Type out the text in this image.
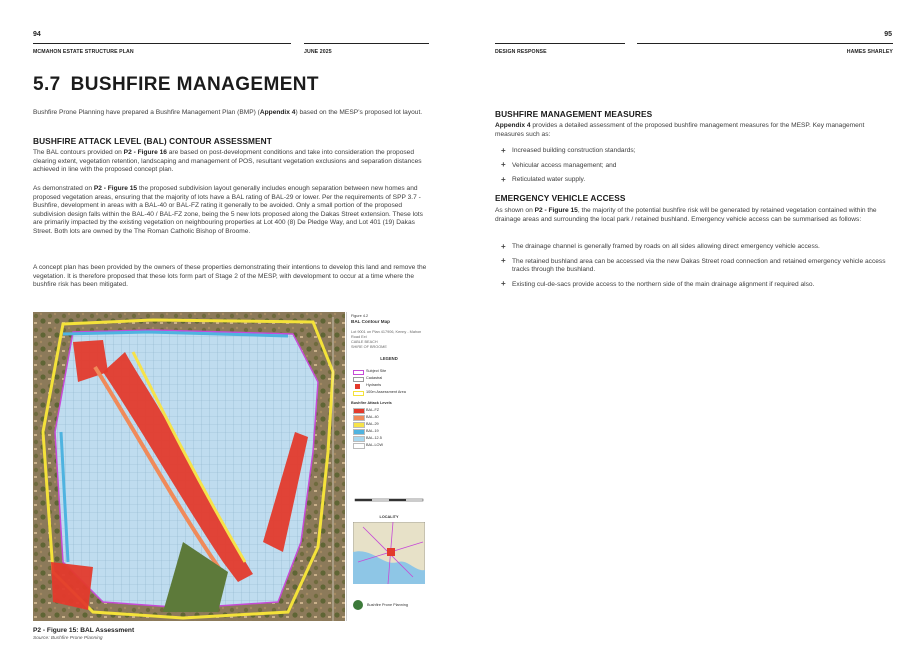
94
MCMAHON ESTATE STRUCTURE PLAN	JUNE 2025
5.7 BUSHFIRE MANAGEMENT
Bushfire Prone Planning have prepared a Bushfire Management Plan (BMP) (Appendix 4) based on the MESP’s proposed lot layout.
BUSHFIRE ATTACK LEVEL (BAL) CONTOUR ASSESSMENT
The BAL contours provided on P2 - Figure 16 are based on post-development conditions and take into consideration the proposed clearing extent, vegetation retention, landscaping and management of POS, resultant vegetation exclusions and separation distances achieved in line with the proposed concept plan.
As demonstrated on P2 - Figure 15 the proposed subdivision layout generally includes enough separation between new homes and proposed vegetation areas, ensuring that the majority of lots have a BAL rating of BAL-29 or lower. Per the requirements of SPP 3.7 - Bushfire, development in areas with a BAL-40 or BAL-FZ rating it generally to be avoided. Only a small portion of the proposed subdivision design falls within the BAL-40 / BAL-FZ zone, being the 5 new lots proposed along the Dakas Street extension. These lots are primarily impacted by the existing vegetation on neighbouring properties at Lot 400 (8) De Pledge Way, and Lot 401 (19) Dakas Street. Both lots are owned by the The Roman Catholic Bishop of Broome.
A concept plan has been provided by the owners of these properties demonstrating their intentions to develop this land and remove the vegetation. It is therefore proposed that these lots form part of Stage 2 of the MESP, with development to occur at a time where the bushfire risk has been mitigated.
Figure 4.2
BAL Contour Map
Lot 9001 on Plan 417906, Kenny - Mahon
Road Ext
CABLE BEACH
SHIRE OF BROOME
LEGEND
Subject Site
Cadastral
Hydrants
100m Assessment Area
Bushfire Attack Levels
BAL-FZ
BAL-40
BAL-29
BAL-19
BAL-12.5
BAL-LOW
LOCALITY
Bushfire Prone Planning
P2 - Figure 15: BAL Assessment
Source: Bushfire Prone Planning
95
DESIGN RESPONSE	HAMES SHARLEY
BUSHFIRE MANAGEMENT MEASURES
Appendix 4 provides a detailed assessment of the proposed bushfire management measures for the MESP. Key management measures such as:
+ Increased building construction standards;
+ Vehicular access management; and
+ Reticulated water supply.
EMERGENCY VEHICLE ACCESS
As shown on P2 - Figure 15, the majority of the potential bushfire risk will be generated by retained vegetation contained within the drainage areas and surrounding the local park / retained bushland. Emergency vehicle access can be summarised as follows:
+ The drainage channel is generally framed by roads on all sides allowing direct emergency vehicle access.
+ The retained bushland area can be accessed via the new Dakas Street road connection and retained emergency vehicle access tracks through the bushland.
+ Existing cul-de-sacs provide access to the northern side of the main drainage alignment if required also.
